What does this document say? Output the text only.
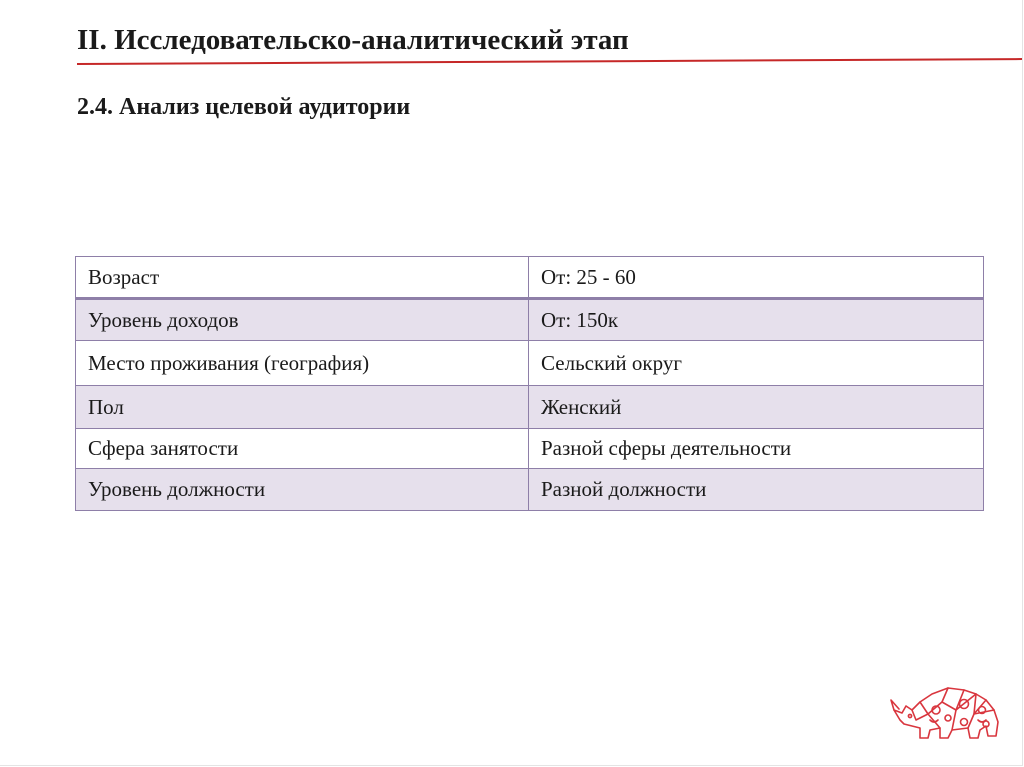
II. Исследовательско-аналитический этап
2.4. Анализ целевой аудитории
Возраст	От: 25 - 60
Уровень доходов	От: 150к
Место проживания (география)	Сельский округ
Пол	Женский
Сфера занятости	Разной сферы деятельности
Уровень должности	Разной должности
